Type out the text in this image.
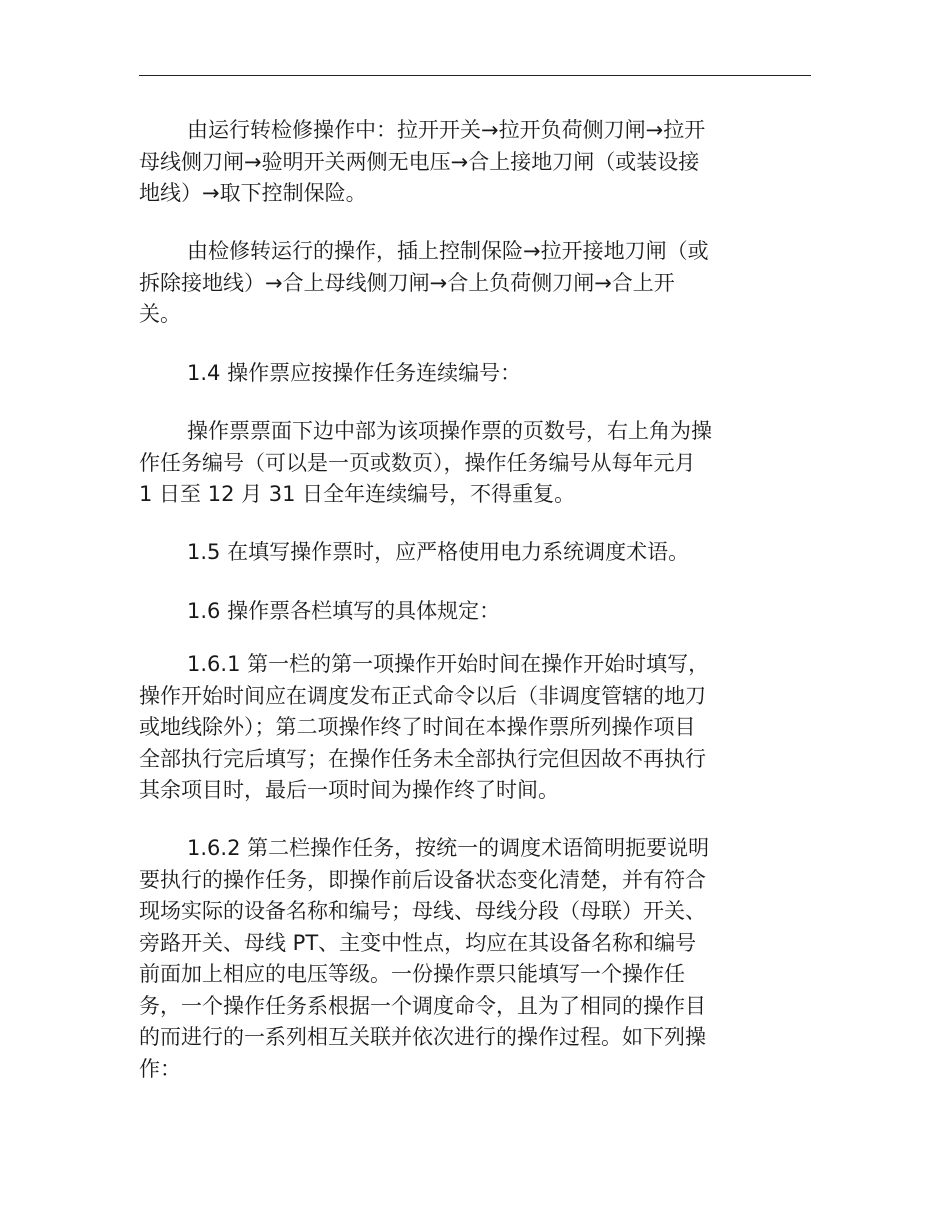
由运行转检修操作中：拉开开关→拉开负荷侧刀闸→拉开
母线侧刀闸→验明开关两侧无电压→合上接地刀闸（或装设接
地线）→取下控制保险。
由检修转运行的操作，插上控制保险→拉开接地刀闸（或
拆除接地线）→合上母线侧刀闸→合上负荷侧刀闸→合上开
关。
1.4 操作票应按操作任务连续编号：
操作票票面下边中部为该项操作票的页数号，右上角为操
作任务编号（可以是一页或数页），操作任务编号从每年元月
1 日至 12 月 31 日全年连续编号，不得重复。
1.5 在填写操作票时，应严格使用电力系统调度术语。
1.6 操作票各栏填写的具体规定：
1.6.1 第一栏的第一项操作开始时间在操作开始时填写，
操作开始时间应在调度发布正式命令以后（非调度管辖的地刀
或地线除外）；第二项操作终了时间在本操作票所列操作项目
全部执行完后填写；在操作任务未全部执行完但因故不再执行
其余项目时，最后一项时间为操作终了时间。
1.6.2 第二栏操作任务，按统一的调度术语简明扼要说明
要执行的操作任务，即操作前后设备状态变化清楚，并有符合
现场实际的设备名称和编号；母线、母线分段（母联）开关、
旁路开关、母线 PT、主变中性点，均应在其设备名称和编号
前面加上相应的电压等级。一份操作票只能填写一个操作任
务，一个操作任务系根据一个调度命令，且为了相同的操作目
的而进行的一系列相互关联并依次进行的操作过程。如下列操
作：
